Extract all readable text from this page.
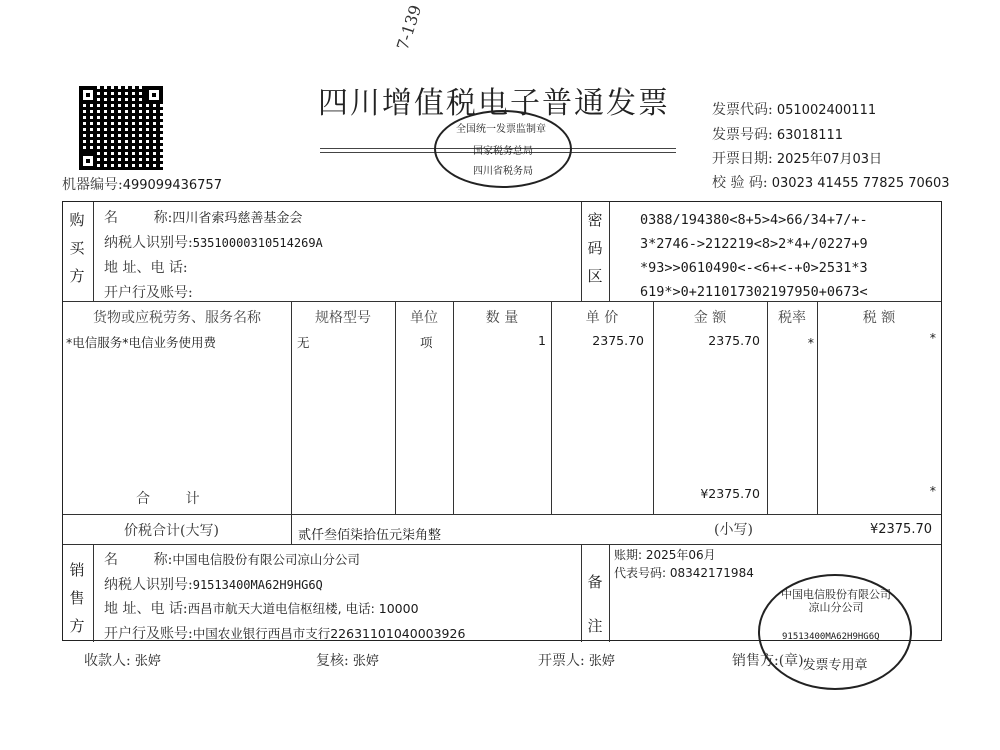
7-139
机器编号:499099436757
四川增值税电子普通发票
全国统一发票监制章
国家税务总局
四川省税务局
发票代码: 051002400111
发票号码: 63018111
开票日期: 2025年07月03日
校 验 码: 03023 41455 77825 70603
购
买
方
名        称:四川省索玛慈善基金会
纳税人识别号:53510000310514269A
地 址、电 话:
开户行及账号:
密
码
区
0388/194380<8+5>4>66/34+7/+-
3*2746->212219<8>2*4+/0227+9
*93>>0610490<-<6+<-+0>2531*3
619*>0+211017302197950+0673<
货物或应税劳务、服务名称	规格型号	单位	数 量	单 价	金 额	税率	税 额
*电信服务*电信业务使用费	无	项	1	2375.70	2375.70	*	*
合        计	¥2375.70	*
价税合计(大写)	贰仟叁佰柒拾伍元柒角整	(小写)	¥2375.70
销
售
方
名        称:中国电信股份有限公司凉山分公司
纳税人识别号:91513400MA62H9HG6Q
地 址、电 话:西昌市航天大道电信枢纽楼, 电话: 10000
开户行及账号:中国农业银行西昌市支行22631101040003926
备
注
账期: 2025年06月
代表号码: 08342171984
中国电信股份有限公司凉山分公司
91513400MA62H9HG6Q
发票专用章
收款人: 张婷	复核: 张婷	开票人: 张婷	销售方:(章)
